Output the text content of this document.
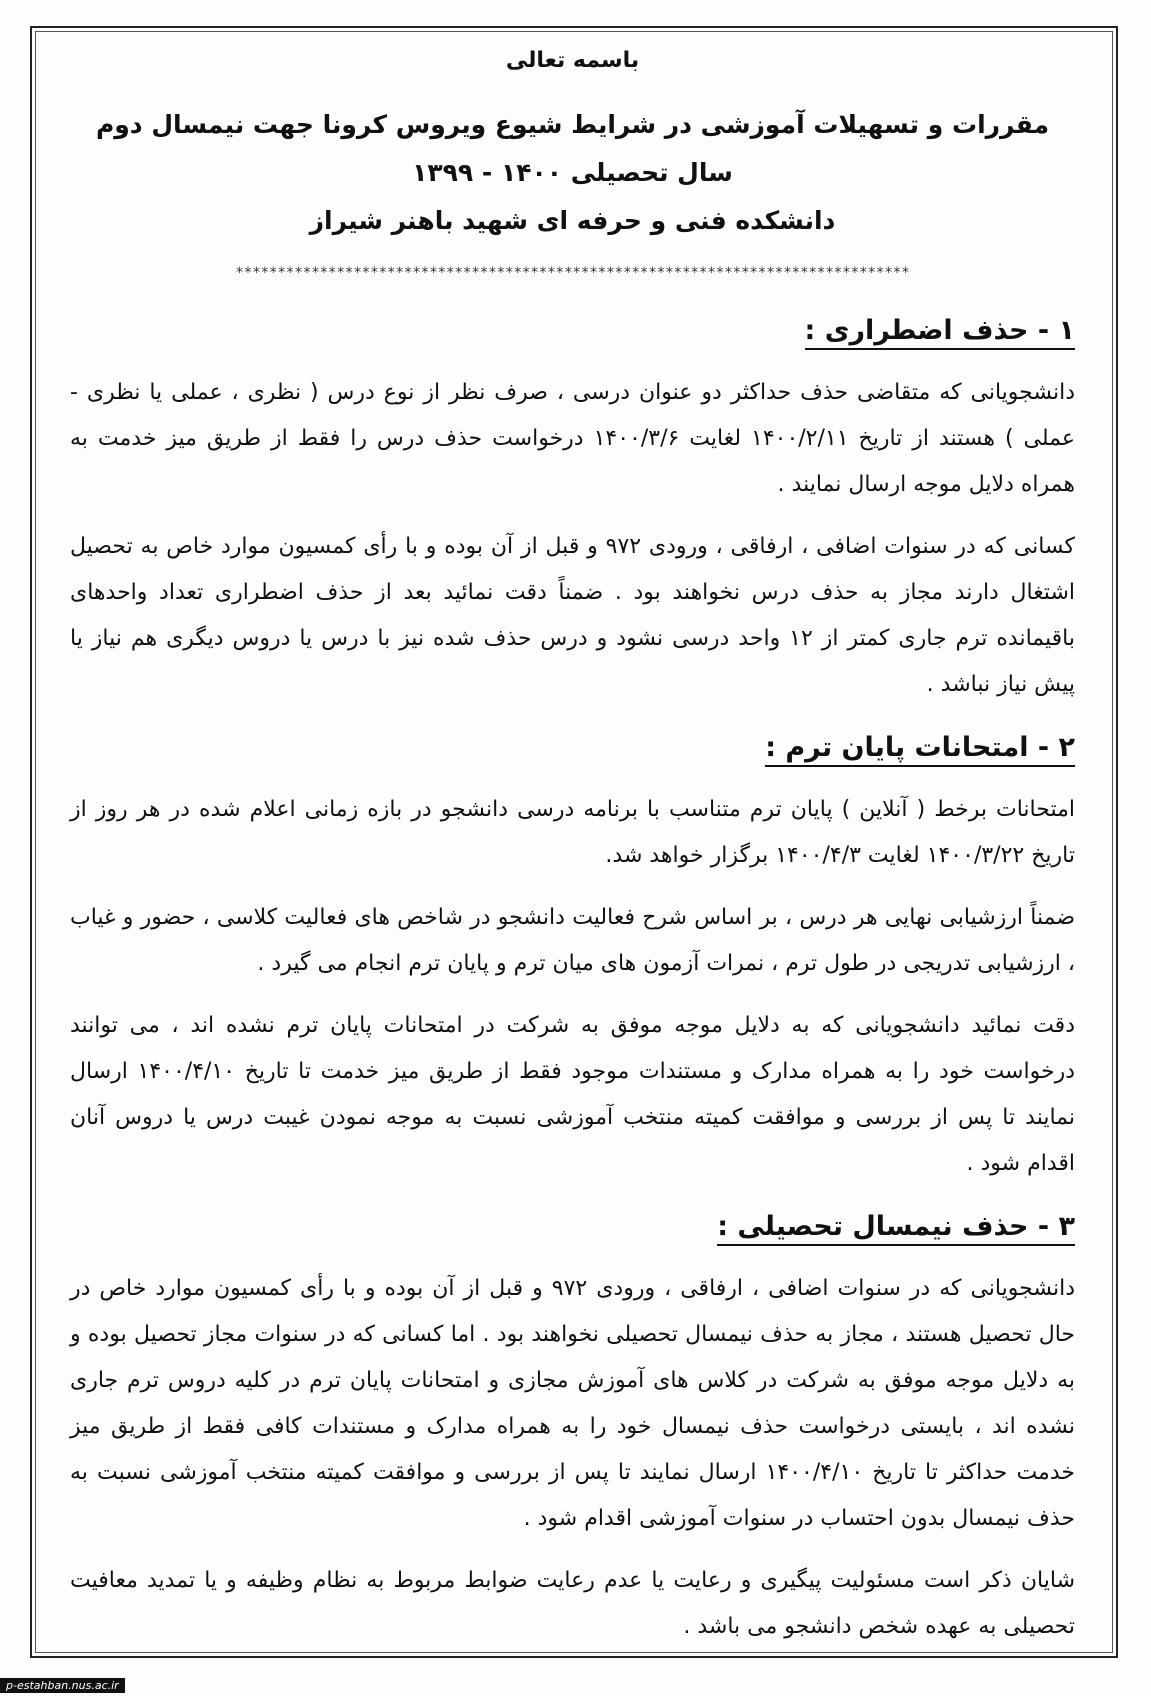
باسمه تعالی

مقررات و تسهیلات آموزشی در شرایط شیوع ویروس کرونا جهت نیمسال دوم سال تحصیلی ۱۴۰۰ - ۱۳۹۹

دانشکده فنی و حرفه ای شهید باهنر شیراز

********************************************************************************
۱ - حذف اضطراری :

دانشجویانی که متقاضی حذف حداکثر دو عنوان درسی ، صرف نظر از نوع درس ( نظری ، عملی یا نظری - عملی ) هستند از تاریخ ۱۴۰۰/۲/۱۱ لغایت ۱۴۰۰/۳/۶ درخواست حذف درس را فقط از طریق میز خدمت به همراه دلایل موجه ارسال نمایند .

کسانی که در سنوات اضافی ، ارفاقی ، ورودی ۹۷۲ و قبل از آن بوده و با رأی کمسیون موارد خاص به تحصیل اشتغال دارند مجاز به حذف درس نخواهند بود . ضمناً دقت نمائید بعد از حذف اضطراری تعداد واحدهای باقیمانده ترم جاری کمتر از ۱۲ واحد درسی نشود و درس حذف شده نیز با درس یا دروس دیگری هم نیاز یا پیش نیاز نباشد .

۲ - امتحانات پایان ترم :

امتحانات برخط ( آنلاین ) پایان ترم متناسب با برنامه درسی دانشجو در بازه زمانی اعلام شده در هر روز از تاریخ ۱۴۰۰/۳/۲۲ لغایت ۱۴۰۰/۴/۳ برگزار خواهد شد.

ضمناً ارزشیابی نهایی هر درس ، بر اساس شرح فعالیت دانشجو در شاخص های فعالیت کلاسی ، حضور و غیاب ، ارزشیابی تدریجی در طول ترم ، نمرات آزمون های میان ترم و پایان ترم انجام می گیرد .

دقت نمائید دانشجویانی که به دلایل موجه موفق به شرکت در امتحانات پایان ترم نشده اند ، می توانند درخواست خود را به همراه مدارک و مستندات موجود فقط از طریق میز خدمت تا تاریخ ۱۴۰۰/۴/۱۰ ارسال نمایند تا پس از بررسی و موافقت کمیته منتخب آموزشی نسبت به موجه نمودن غیبت درس یا دروس آنان اقدام شود .

۳ - حذف نیمسال تحصیلی :

دانشجویانی که در سنوات اضافی ، ارفاقی ، ورودی ۹۷۲ و قبل از آن بوده و با رأی کمسیون موارد خاص در حال تحصیل هستند ، مجاز به حذف نیمسال تحصیلی نخواهند بود . اما کسانی که در سنوات مجاز تحصیل بوده و به دلایل موجه موفق به شرکت در کلاس های آموزش مجازی و امتحانات پایان ترم در کلیه دروس ترم جاری نشده اند ، بایستی درخواست حذف نیمسال خود را به همراه مدارک و مستندات کافی فقط از طریق میز خدمت حداکثر تا تاریخ ۱۴۰۰/۴/۱۰ ارسال نمایند تا پس از بررسی و موافقت کمیته منتخب آموزشی نسبت به حذف نیمسال بدون احتساب در سنوات آموزشی اقدام شود .

شایان ذکر است مسئولیت پیگیری و رعایت یا عدم رعایت ضوابط مربوط به نظام وظیفه و یا تمدید معافیت تحصیلی به عهده شخص دانشجو می باشد .

p-estahban.nus.ac.ir
